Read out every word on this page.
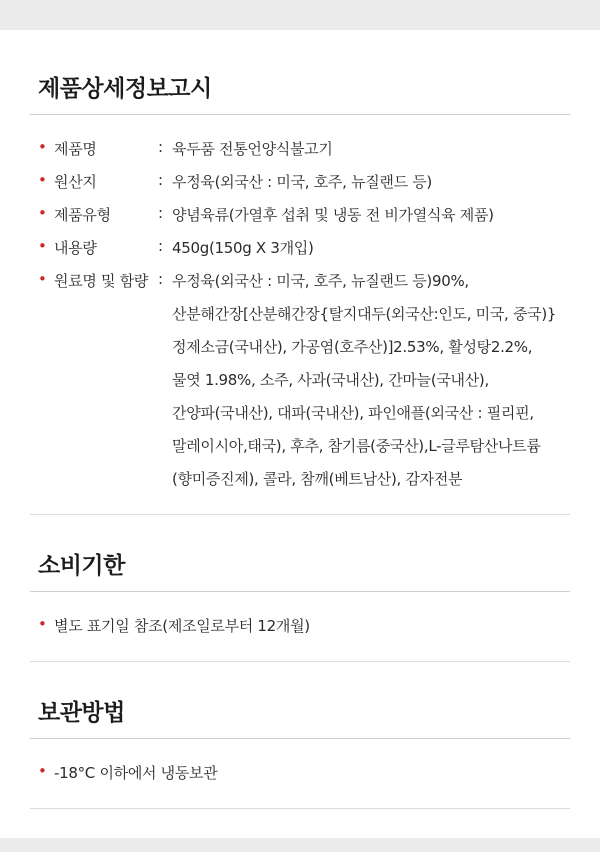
제품상세정보고시
• 제품명	: 육두품 전통언양식불고기
• 원산지	: 우정육(외국산 : 미국, 호주, 뉴질랜드 등)
• 제품유형	: 양념육류(가열후 섭취 및 냉동 전 비가열식육 제품)
• 내용량	: 450g(150g X 3개입)
• 원료명 및 함량 : 우정육(외국산 : 미국, 호주, 뉴질랜드 등)90%,
산분해간장[산분해간장{탈지대두(외국산:인도, 미국, 중국)}
정제소금(국내산), 가공염(호주산)]2.53%, 활성탕2.2%,
물엿 1.98%, 소주, 사과(국내산), 간마늘(국내산),
간양파(국내산), 대파(국내산), 파인애플(외국산 : 필리핀,
말레이시아,태국), 후추, 참기름(중국산),L-글루탐산나트륨
(향미증진제), 콜라, 참깨(베트남산), 감자전분
소비기한
• 별도 표기일 참조(제조일로부터 12개월)
보관방법
• -18°C 이하에서 냉동보관
